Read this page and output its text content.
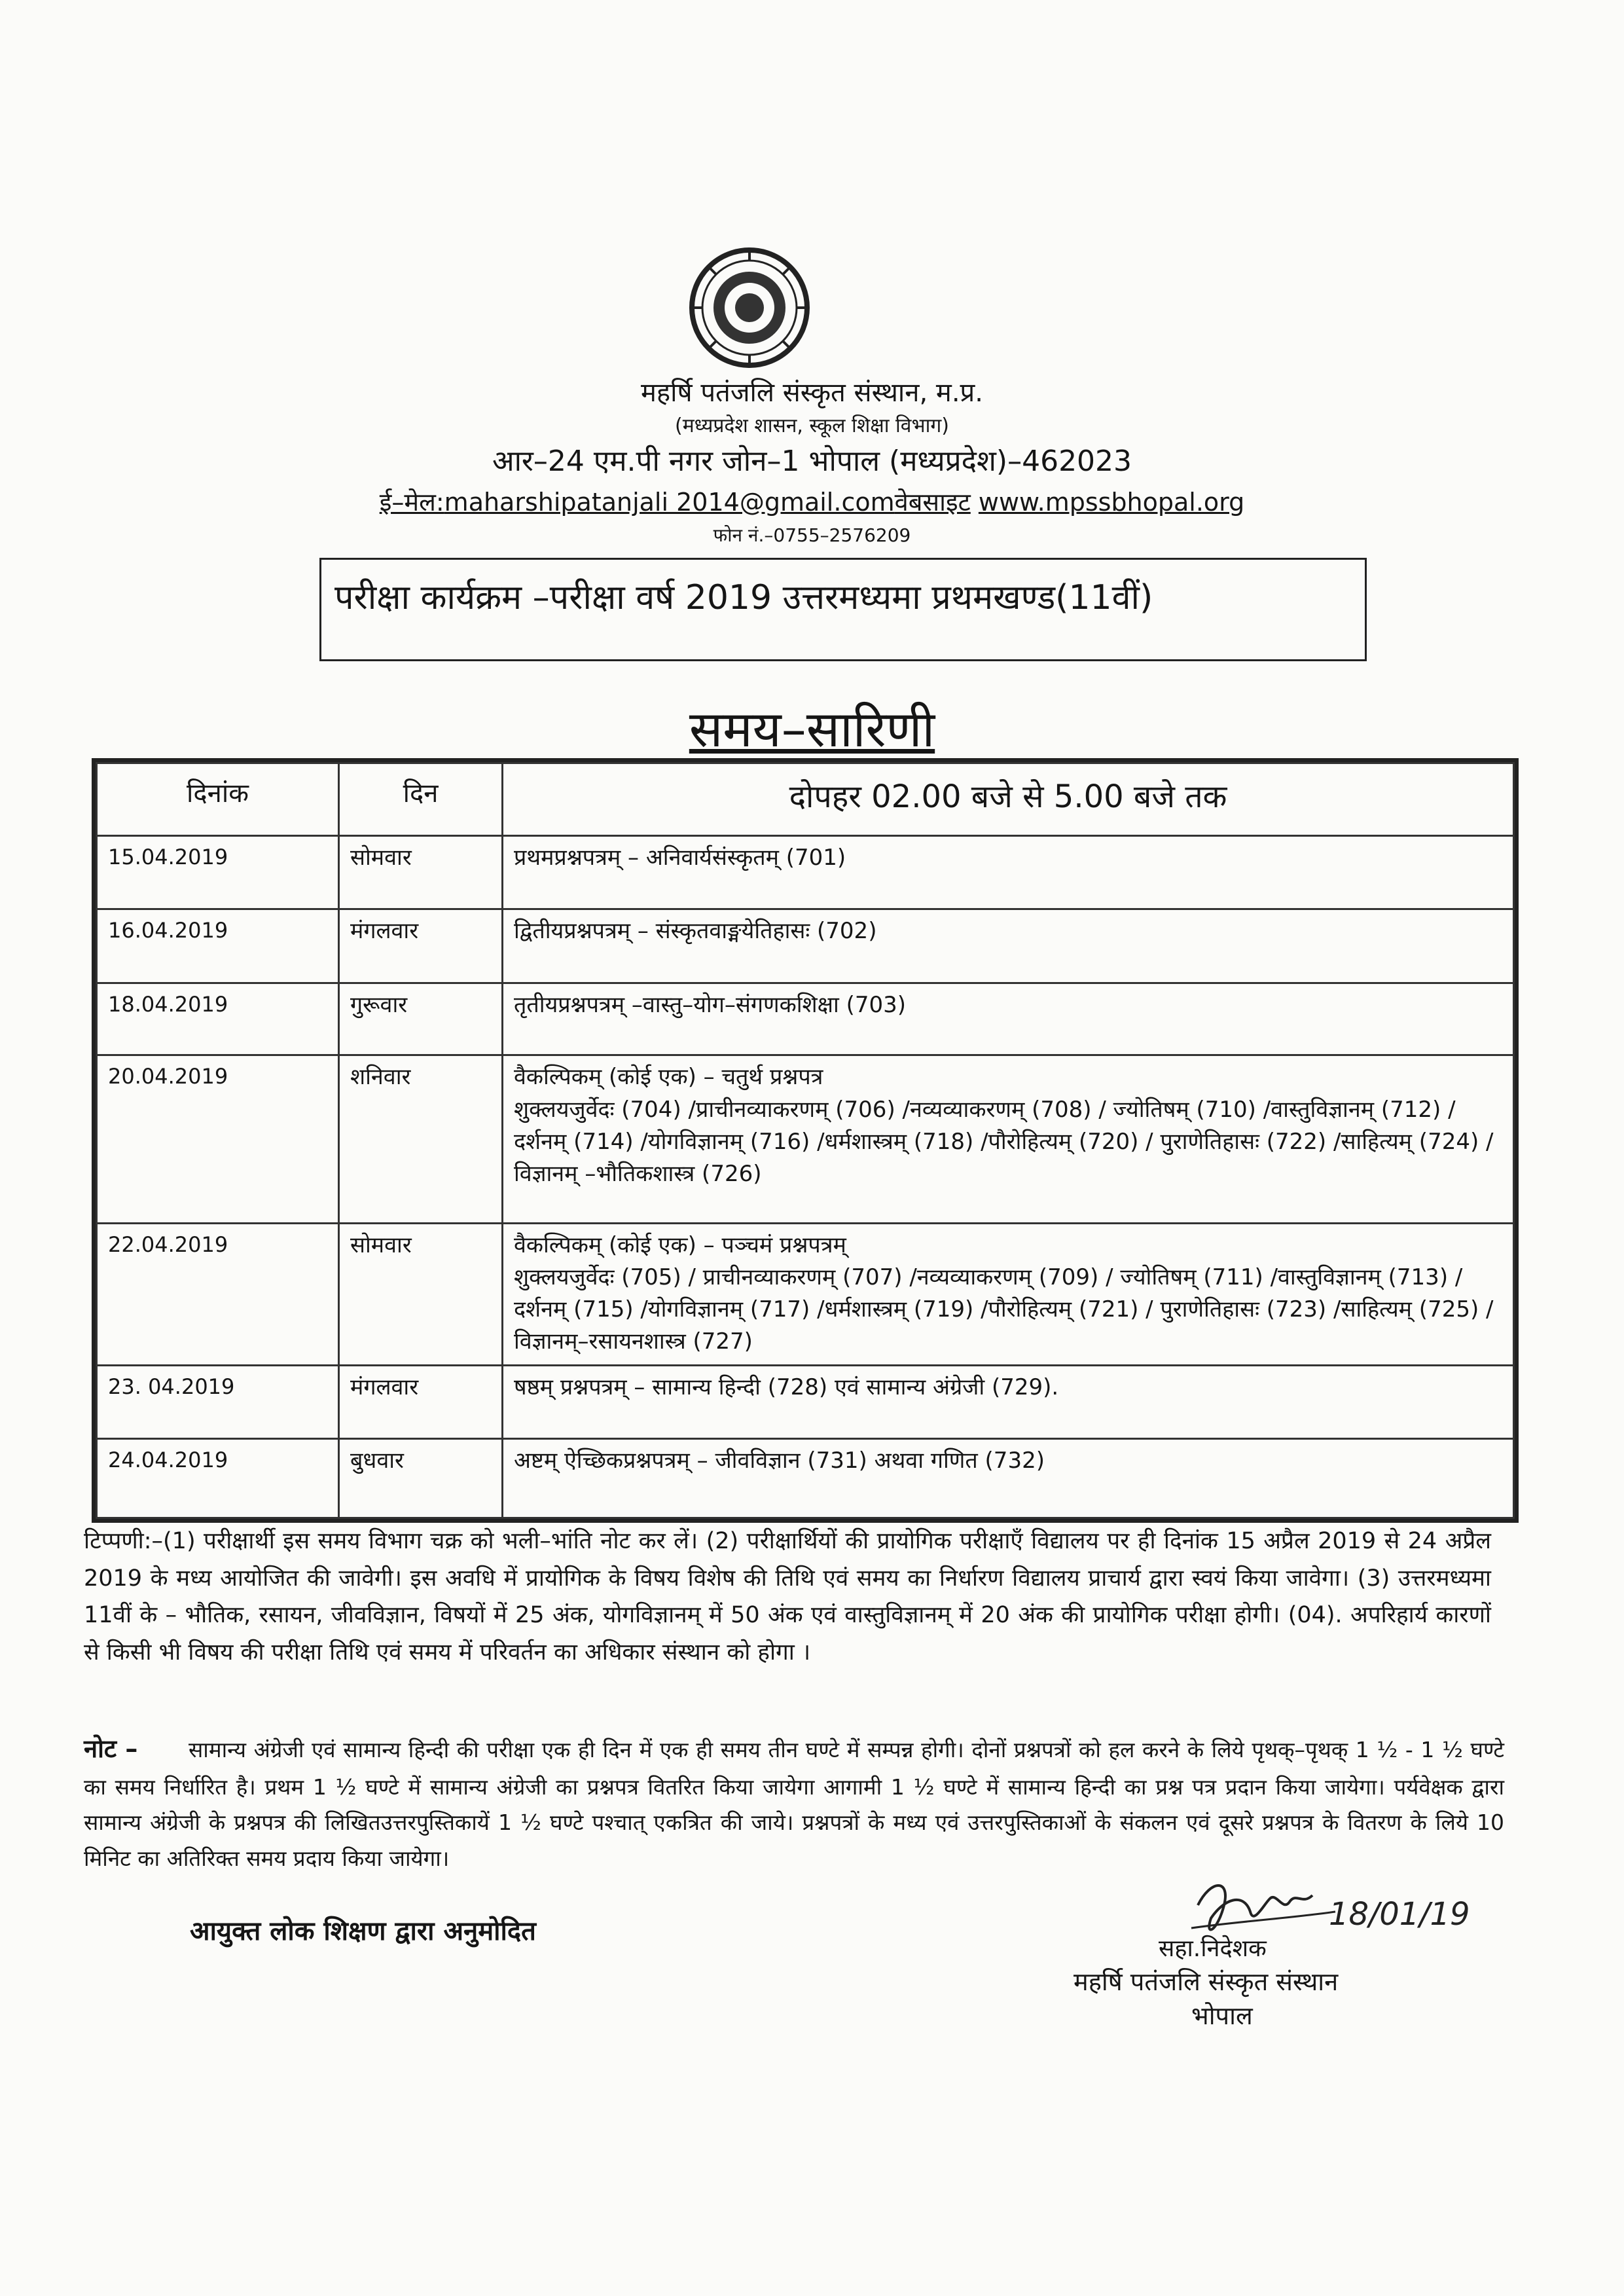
महर्षि पतंजलि संस्कृत संस्थान, म.प्र.
(मध्यप्रदेश शासन, स्कूल शिक्षा विभाग)
आर–24 एम.पी नगर जोन–1 भोपाल (मध्यप्रदेश)–462023
ई–मेल:maharshipatanjali 2014@gmail.comवेबसाइट www.mpssbhopal.org
फोन नं.–0755–2576209
परीक्षा कार्यक्रम –परीक्षा वर्ष 2019 उत्तरमध्यमा प्रथमखण्ड(11वीं)
समय–सारिणी
दिनांक	दिन	दोपहर 02.00 बजे से 5.00 बजे तक
15.04.2019	सोमवार	प्रथमप्रश्नपत्रम् – अनिवार्यसंस्कृतम् (701)
16.04.2019	मंगलवार	द्वितीयप्रश्नपत्रम् – संस्कृतवाङ्मयेतिहासः (702)
18.04.2019	गुरूवार	तृतीयप्रश्नपत्रम् –वास्तु–योग–संगणकशिक्षा (703)
20.04.2019	शनिवार	वैकल्पिकम् (कोई एक) – चतुर्थ प्रश्नपत्र
शुक्लयजुर्वेदः (704) /प्राचीनव्याकरणम् (706) /नव्यव्याकरणम् (708) / ज्योतिषम् (710) /वास्तुविज्ञानम् (712) / दर्शनम् (714) /योगविज्ञानम् (716) /धर्मशास्त्रम् (718) /पौरोहित्यम् (720) / पुराणेतिहासः (722) /साहित्यम् (724) /विज्ञानम् –भौतिकशास्त्र (726)
22.04.2019	सोमवार	वैकल्पिकम् (कोई एक) – पञ्चमं प्रश्नपत्रम्
शुक्लयजुर्वेदः (705) / प्राचीनव्याकरणम् (707) /नव्यव्याकरणम् (709) / ज्योतिषम् (711) /वास्तुविज्ञानम् (713) / दर्शनम् (715) /योगविज्ञानम् (717) /धर्मशास्त्रम् (719) /पौरोहित्यम् (721) / पुराणेतिहासः (723) /साहित्यम् (725) /विज्ञानम्–रसायनशास्त्र (727)
23. 04.2019	मंगलवार	षष्ठम् प्रश्नपत्रम् – सामान्य हिन्दी (728) एवं सामान्य अंग्रेजी (729).
24.04.2019	बुधवार	अष्टम् ऐच्छिकप्रश्नपत्रम् – जीवविज्ञान (731) अथवा गणित (732)
टिप्पणी:–(1) परीक्षार्थी इस समय विभाग चक्र को भली–भांति नोट कर लें। (2) परीक्षार्थियों की प्रायोगिक परीक्षाएँ विद्यालय पर ही दिनांक 15 अप्रैल 2019 से 24 अप्रैल 2019 के मध्य आयोजित की जावेगी। इस अवधि में प्रायोगिक के विषय विशेष की तिथि एवं समय का निर्धारण विद्यालय प्राचार्य द्वारा स्वयं किया जावेगा। (3) उत्तरमध्यमा 11वीं के – भौतिक, रसायन, जीवविज्ञान, विषयों में 25 अंक, योगविज्ञानम् में 50 अंक एवं वास्तुविज्ञानम् में 20 अंक की प्रायोगिक परीक्षा होगी। (04). अपरिहार्य कारणों से किसी भी विषय की परीक्षा तिथि एवं समय में परिवर्तन का अधिकार संस्थान को होगा ।
नोट – सामान्य अंग्रेजी एवं सामान्य हिन्दी की परीक्षा एक ही दिन में एक ही समय तीन घण्टे में सम्पन्न होगी। दोनों प्रश्नपत्रों को हल करने के लिये पृथक्–पृथक् 1 ½ - 1 ½ घण्टे का समय निर्धारित है। प्रथम 1 ½ घण्टे में सामान्य अंग्रेजी का प्रश्नपत्र वितरित किया जायेगा आगामी 1 ½ घण्टे में सामान्य हिन्दी का प्रश्न पत्र प्रदान किया जायेगा। पर्यवेक्षक द्वारा सामान्य अंग्रेजी के प्रश्नपत्र की लिखितउत्तरपुस्तिकायें 1 ½ घण्टे पश्चात् एकत्रित की जाये। प्रश्नपत्रों के मध्य एवं उत्तरपुस्तिकाओं के संकलन एवं दूसरे प्रश्नपत्र के वितरण के लिये 10 मिनिट का अतिरिक्त समय प्रदाय किया जायेगा।
आयुक्त लोक शिक्षण द्वारा अनुमोदित	18/01/19
सहा.निदेशक
महर्षि पतंजलि संस्कृत संस्थान
भोपाल
